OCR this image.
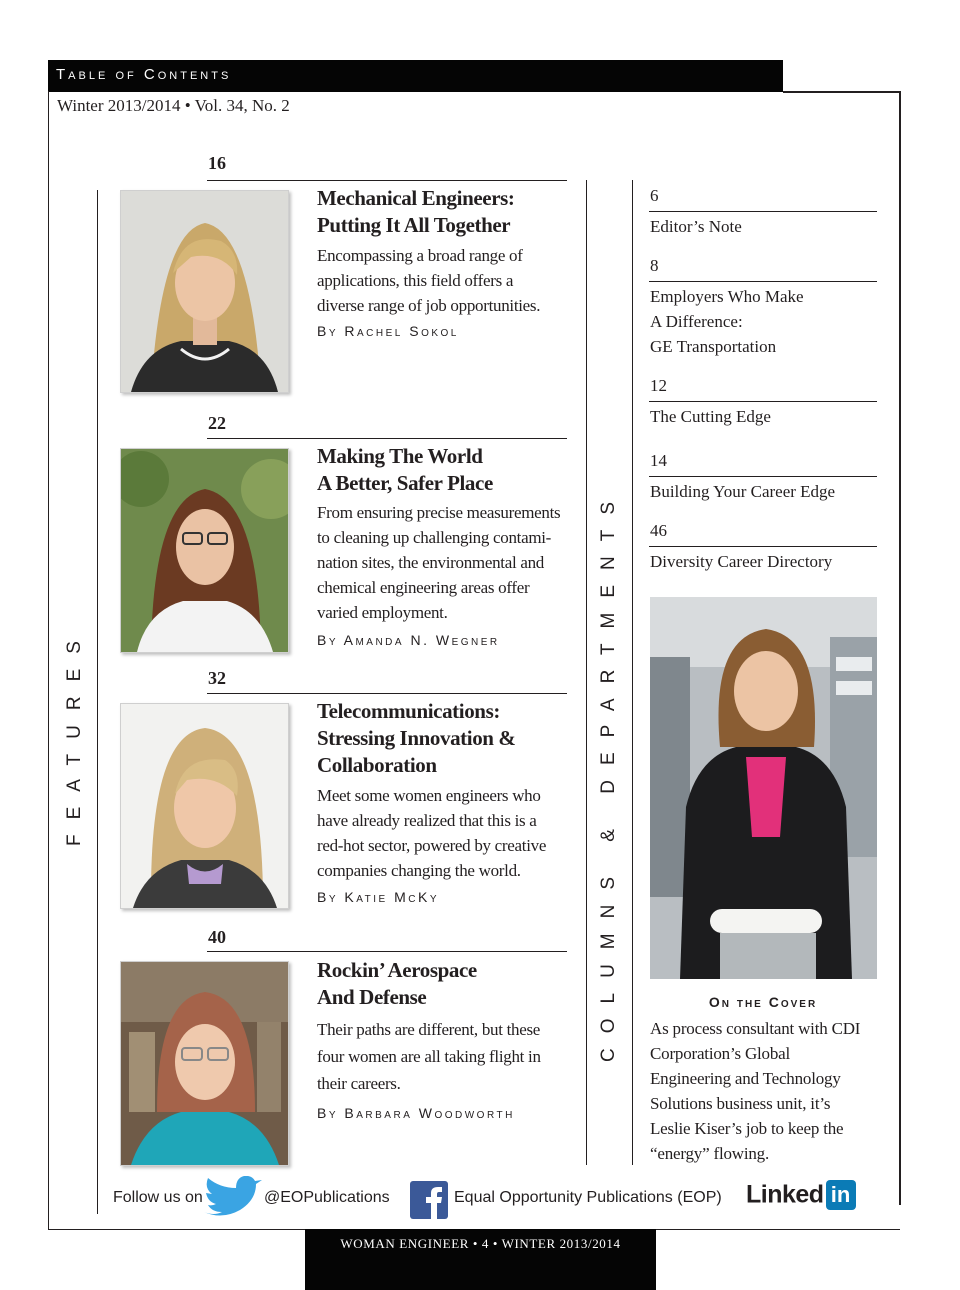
Table of Contents
Winter 2013/2014 • Vol. 34, No. 2
FEATURES	COLUMNS & DEPARTMENTS
16
Mechanical Engineers:
Putting It All Together
Encompassing a broad range of
applications, this field offers a
diverse range of job opportunities.
By Rachel Sokol
22
Making The World
A Better, Safer Place
From ensuring precise measurements
to cleaning up challenging contami-
nation sites, the environmental and
chemical engineering areas offer
varied employment.
By Amanda N. Wegner
32
Telecommunications:
Stressing Innovation &
Collaboration
Meet some women engineers who
have already realized that this is a
red-hot sector, powered by creative
companies changing the world.
By Katie McKy
40
Rockin’ Aerospace
And Defense
Their paths are different, but these
four women are all taking flight in
their careers.
By Barbara Woodworth
6
Editor’s Note
8
Employers Who Make
A Difference:
GE Transportation
12
The Cutting Edge
14
Building Your Career Edge
46
Diversity Career Directory
On the Cover
As process consultant with CDI
Corporation’s Global
Engineering and Technology
Solutions business unit, it’s
Leslie Kiser’s job to keep the
“energy” flowing.
Follow us on	@EOPublications	Equal Opportunity Publications (EOP) Linked in
WOMAN ENGINEER • 4 • WINTER 2013/2014
